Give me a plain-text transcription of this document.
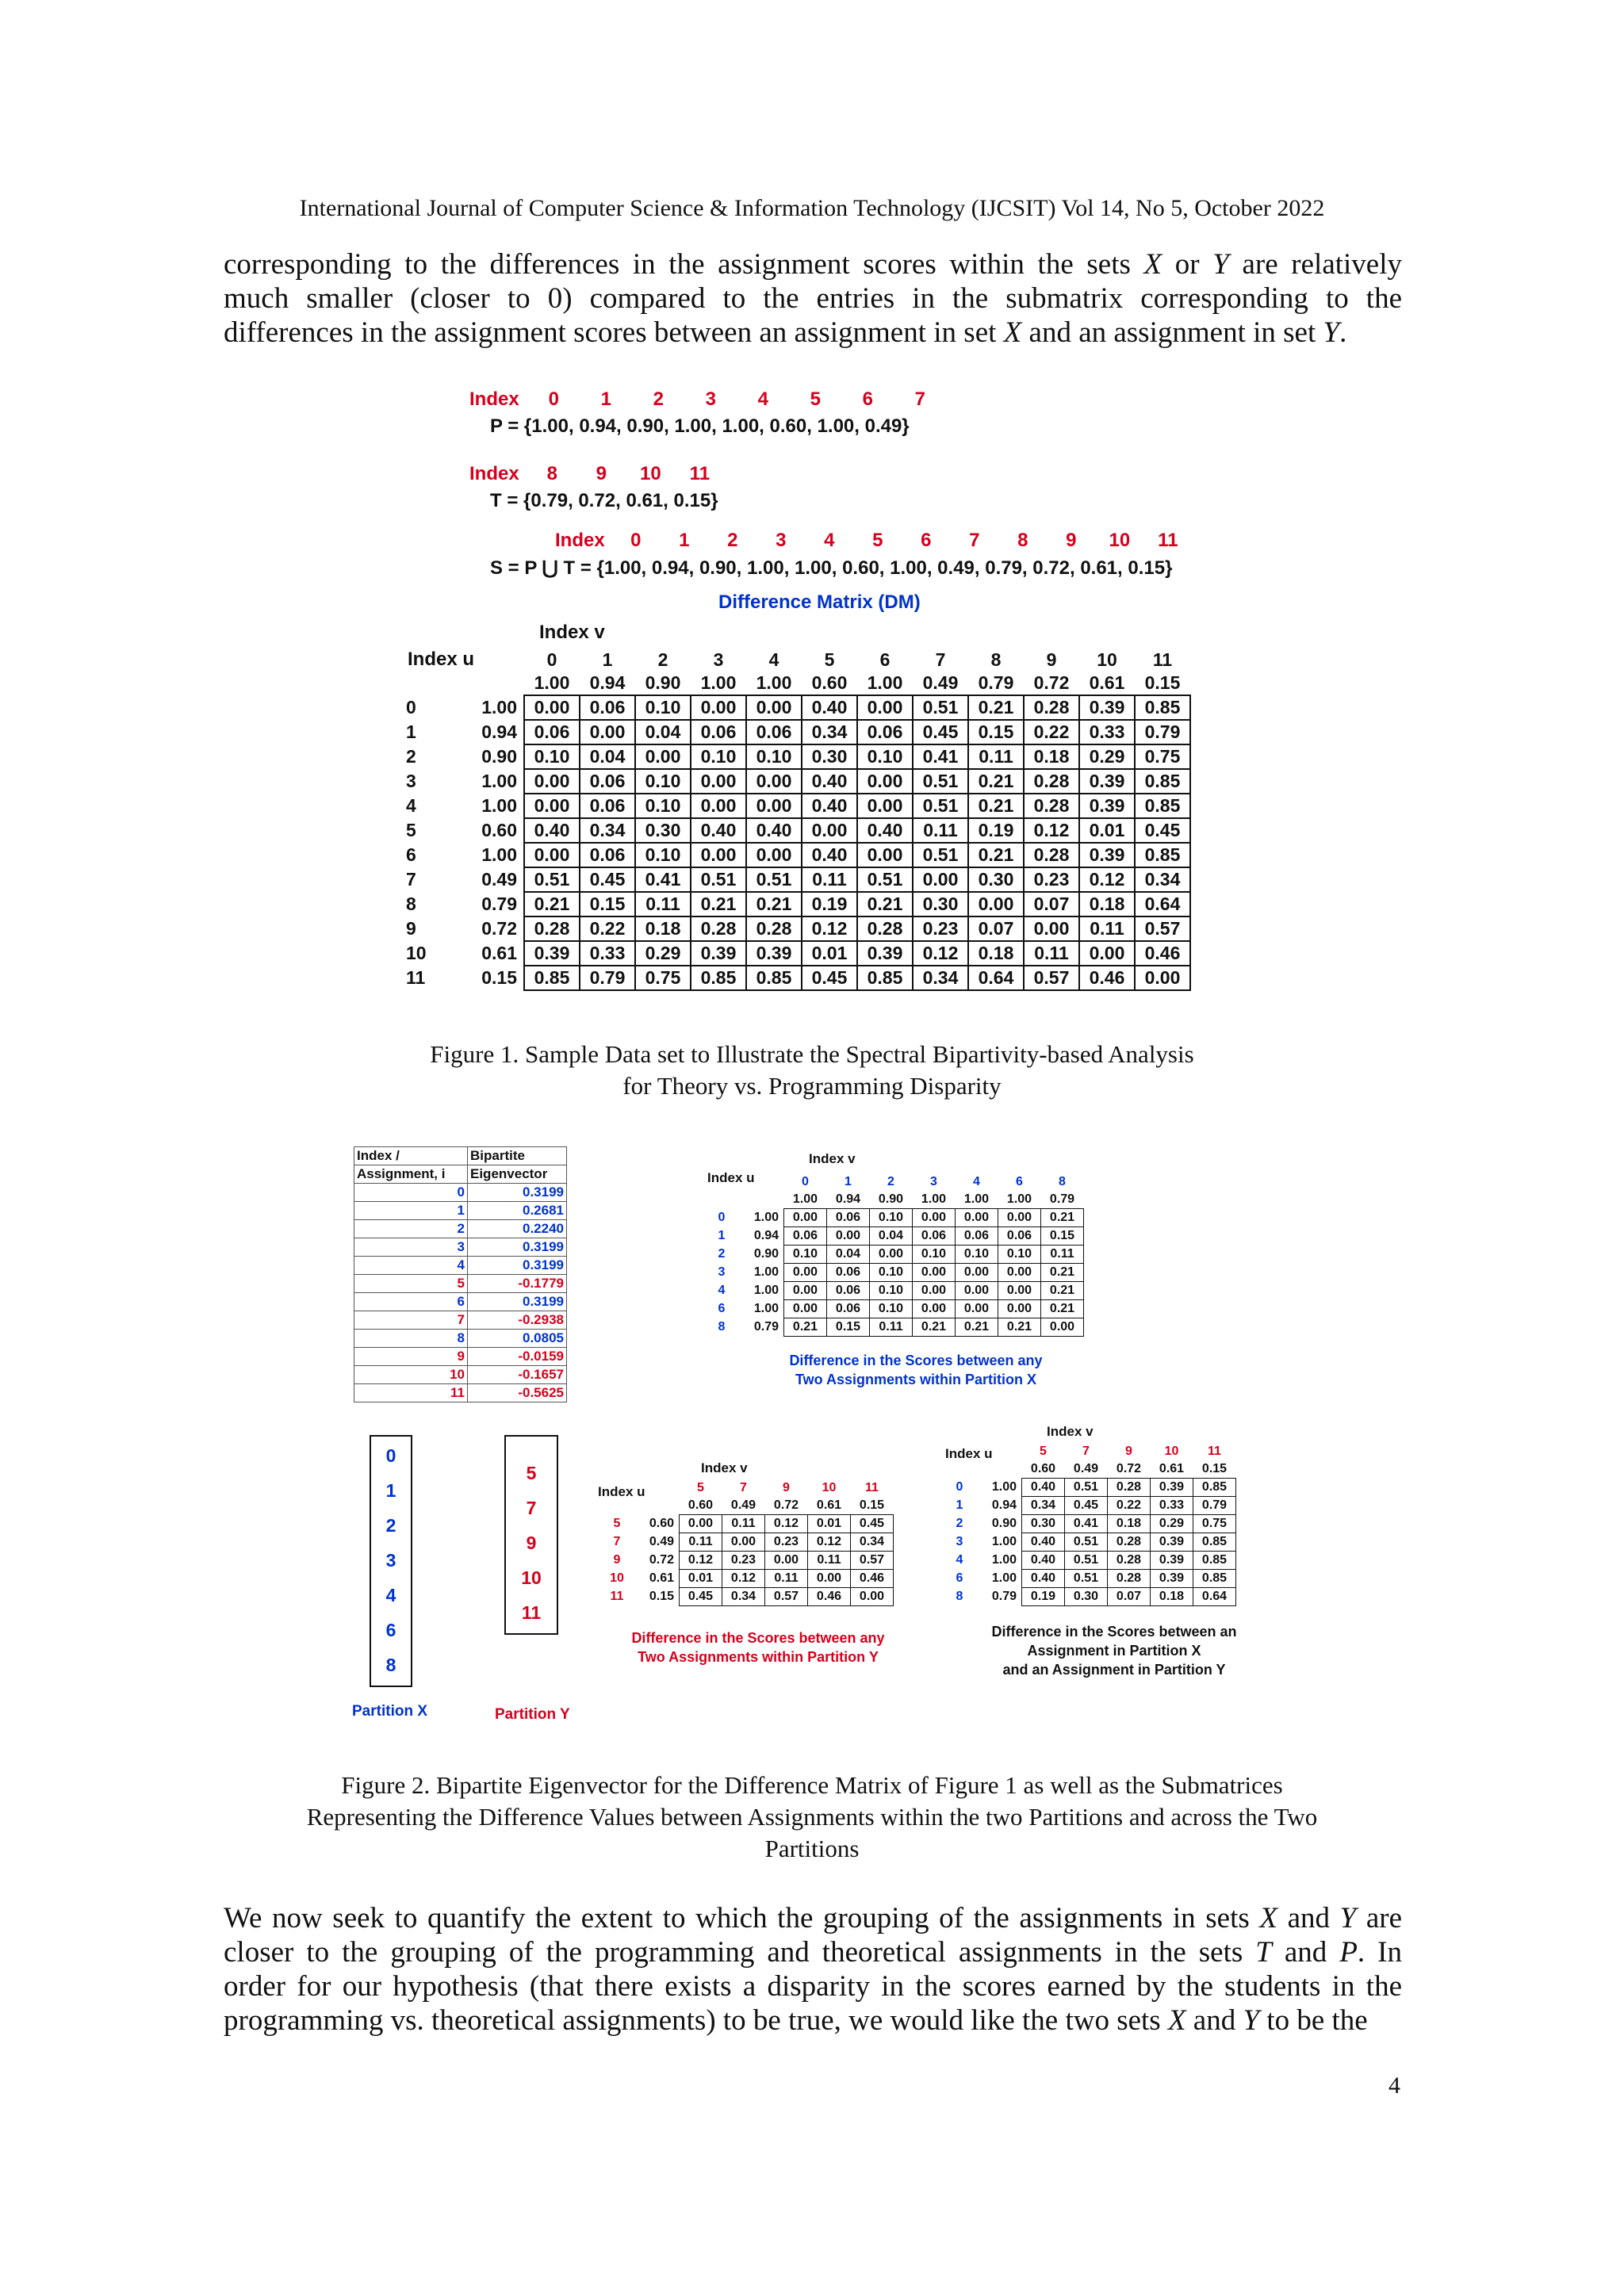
International Journal of Computer Science & Information Technology (IJCSIT) Vol 14, No 5, October 2022
corresponding to the differences in the assignment scores within the sets X or Y are relatively
much smaller (closer to 0) compared to the entries in the submatrix corresponding to the
differences in the assignment scores between an assignment in set X and an assignment in set Y.
Index 0 1 2 3 4 5 6 7
P = {1.00, 0.94, 0.90, 1.00, 1.00, 0.60, 1.00, 0.49}
Index 8 9 10 11
T = {0.79, 0.72, 0.61, 0.15}
Index 0 1 2 3 4 5 6 7 8 9 10 11
S = P ⋃ T = {1.00, 0.94, 0.90, 1.00, 1.00, 0.60, 1.00, 0.49, 0.79, 0.72, 0.61, 0.15}
Difference Matrix (DM)
Index v
Index u
			0	1	2	3	4	5	6	7	8	9	10	11
		1.00	0.94	0.90	1.00	1.00	0.60	1.00	0.49	0.79	0.72	0.61	0.15
0	1.00	0.00	0.06	0.10	0.00	0.00	0.40	0.00	0.51	0.21	0.28	0.39	0.85
1	0.94	0.06	0.00	0.04	0.06	0.06	0.34	0.06	0.45	0.15	0.22	0.33	0.79
2	0.90	0.10	0.04	0.00	0.10	0.10	0.30	0.10	0.41	0.11	0.18	0.29	0.75
3	1.00	0.00	0.06	0.10	0.00	0.00	0.40	0.00	0.51	0.21	0.28	0.39	0.85
4	1.00	0.00	0.06	0.10	0.00	0.00	0.40	0.00	0.51	0.21	0.28	0.39	0.85
5	0.60	0.40	0.34	0.30	0.40	0.40	0.00	0.40	0.11	0.19	0.12	0.01	0.45
6	1.00	0.00	0.06	0.10	0.00	0.00	0.40	0.00	0.51	0.21	0.28	0.39	0.85
7	0.49	0.51	0.45	0.41	0.51	0.51	0.11	0.51	0.00	0.30	0.23	0.12	0.34
8	0.79	0.21	0.15	0.11	0.21	0.21	0.19	0.21	0.30	0.00	0.07	0.18	0.64
9	0.72	0.28	0.22	0.18	0.28	0.28	0.12	0.28	0.23	0.07	0.00	0.11	0.57
10	0.61	0.39	0.33	0.29	0.39	0.39	0.01	0.39	0.12	0.18	0.11	0.00	0.46
11	0.15	0.85	0.79	0.75	0.85	0.85	0.45	0.85	0.34	0.64	0.57	0.46	0.00
Figure 1. Sample Data set to Illustrate the Spectral Bipartivity-based Analysis
for Theory vs. Programming Disparity
Index /	Bipartite
Assignment, i	Eigenvector
0	0.3199
1	0.2681
2	0.2240
3	0.3199
4	0.3199
5	-0.1779
6	0.3199
7	-0.2938
8	0.0805
9	-0.0159
10	-0.1657
11	-0.5625
0
1
2
3
4
6
8
Partition X
5
7
9
10
11
Partition Y
Index v
Index u
			0	1	2	3	4	6	8
		1.00	0.94	0.90	1.00	1.00	1.00	0.79
0	1.00	0.00	0.06	0.10	0.00	0.00	0.00	0.21
1	0.94	0.06	0.00	0.04	0.06	0.06	0.06	0.15
2	0.90	0.10	0.04	0.00	0.10	0.10	0.10	0.11
3	1.00	0.00	0.06	0.10	0.00	0.00	0.00	0.21
4	1.00	0.00	0.06	0.10	0.00	0.00	0.00	0.21
6	1.00	0.00	0.06	0.10	0.00	0.00	0.00	0.21
8	0.79	0.21	0.15	0.11	0.21	0.21	0.21	0.00
Difference in the Scores between any
Two Assignments within Partition X
Index v
Index u
			5	7	9	10	11
		0.60	0.49	0.72	0.61	0.15
5	0.60	0.00	0.11	0.12	0.01	0.45
7	0.49	0.11	0.00	0.23	0.12	0.34
9	0.72	0.12	0.23	0.00	0.11	0.57
10	0.61	0.01	0.12	0.11	0.00	0.46
11	0.15	0.45	0.34	0.57	0.46	0.00
Difference in the Scores between any
Two Assignments within Partition Y
Index v
Index u
			5	7	9	10	11
		0.60	0.49	0.72	0.61	0.15
0	1.00	0.40	0.51	0.28	0.39	0.85
1	0.94	0.34	0.45	0.22	0.33	0.79
2	0.90	0.30	0.41	0.18	0.29	0.75
3	1.00	0.40	0.51	0.28	0.39	0.85
4	1.00	0.40	0.51	0.28	0.39	0.85
6	1.00	0.40	0.51	0.28	0.39	0.85
8	0.79	0.19	0.30	0.07	0.18	0.64
Difference in the Scores between an
Assignment in Partition X
and an Assignment in Partition Y
Figure 2. Bipartite Eigenvector for the Difference Matrix of Figure 1 as well as the Submatrices
Representing the Difference Values between Assignments within the two Partitions and across the Two
Partitions
We now seek to quantify the extent to which the grouping of the assignments in sets X and Y are
closer to the grouping of the programming and theoretical assignments in the sets T and P. In
order for our hypothesis (that there exists a disparity in the scores earned by the students in the
programming vs. theoretical assignments) to be true, we would like the two sets X and Y to be the
4
